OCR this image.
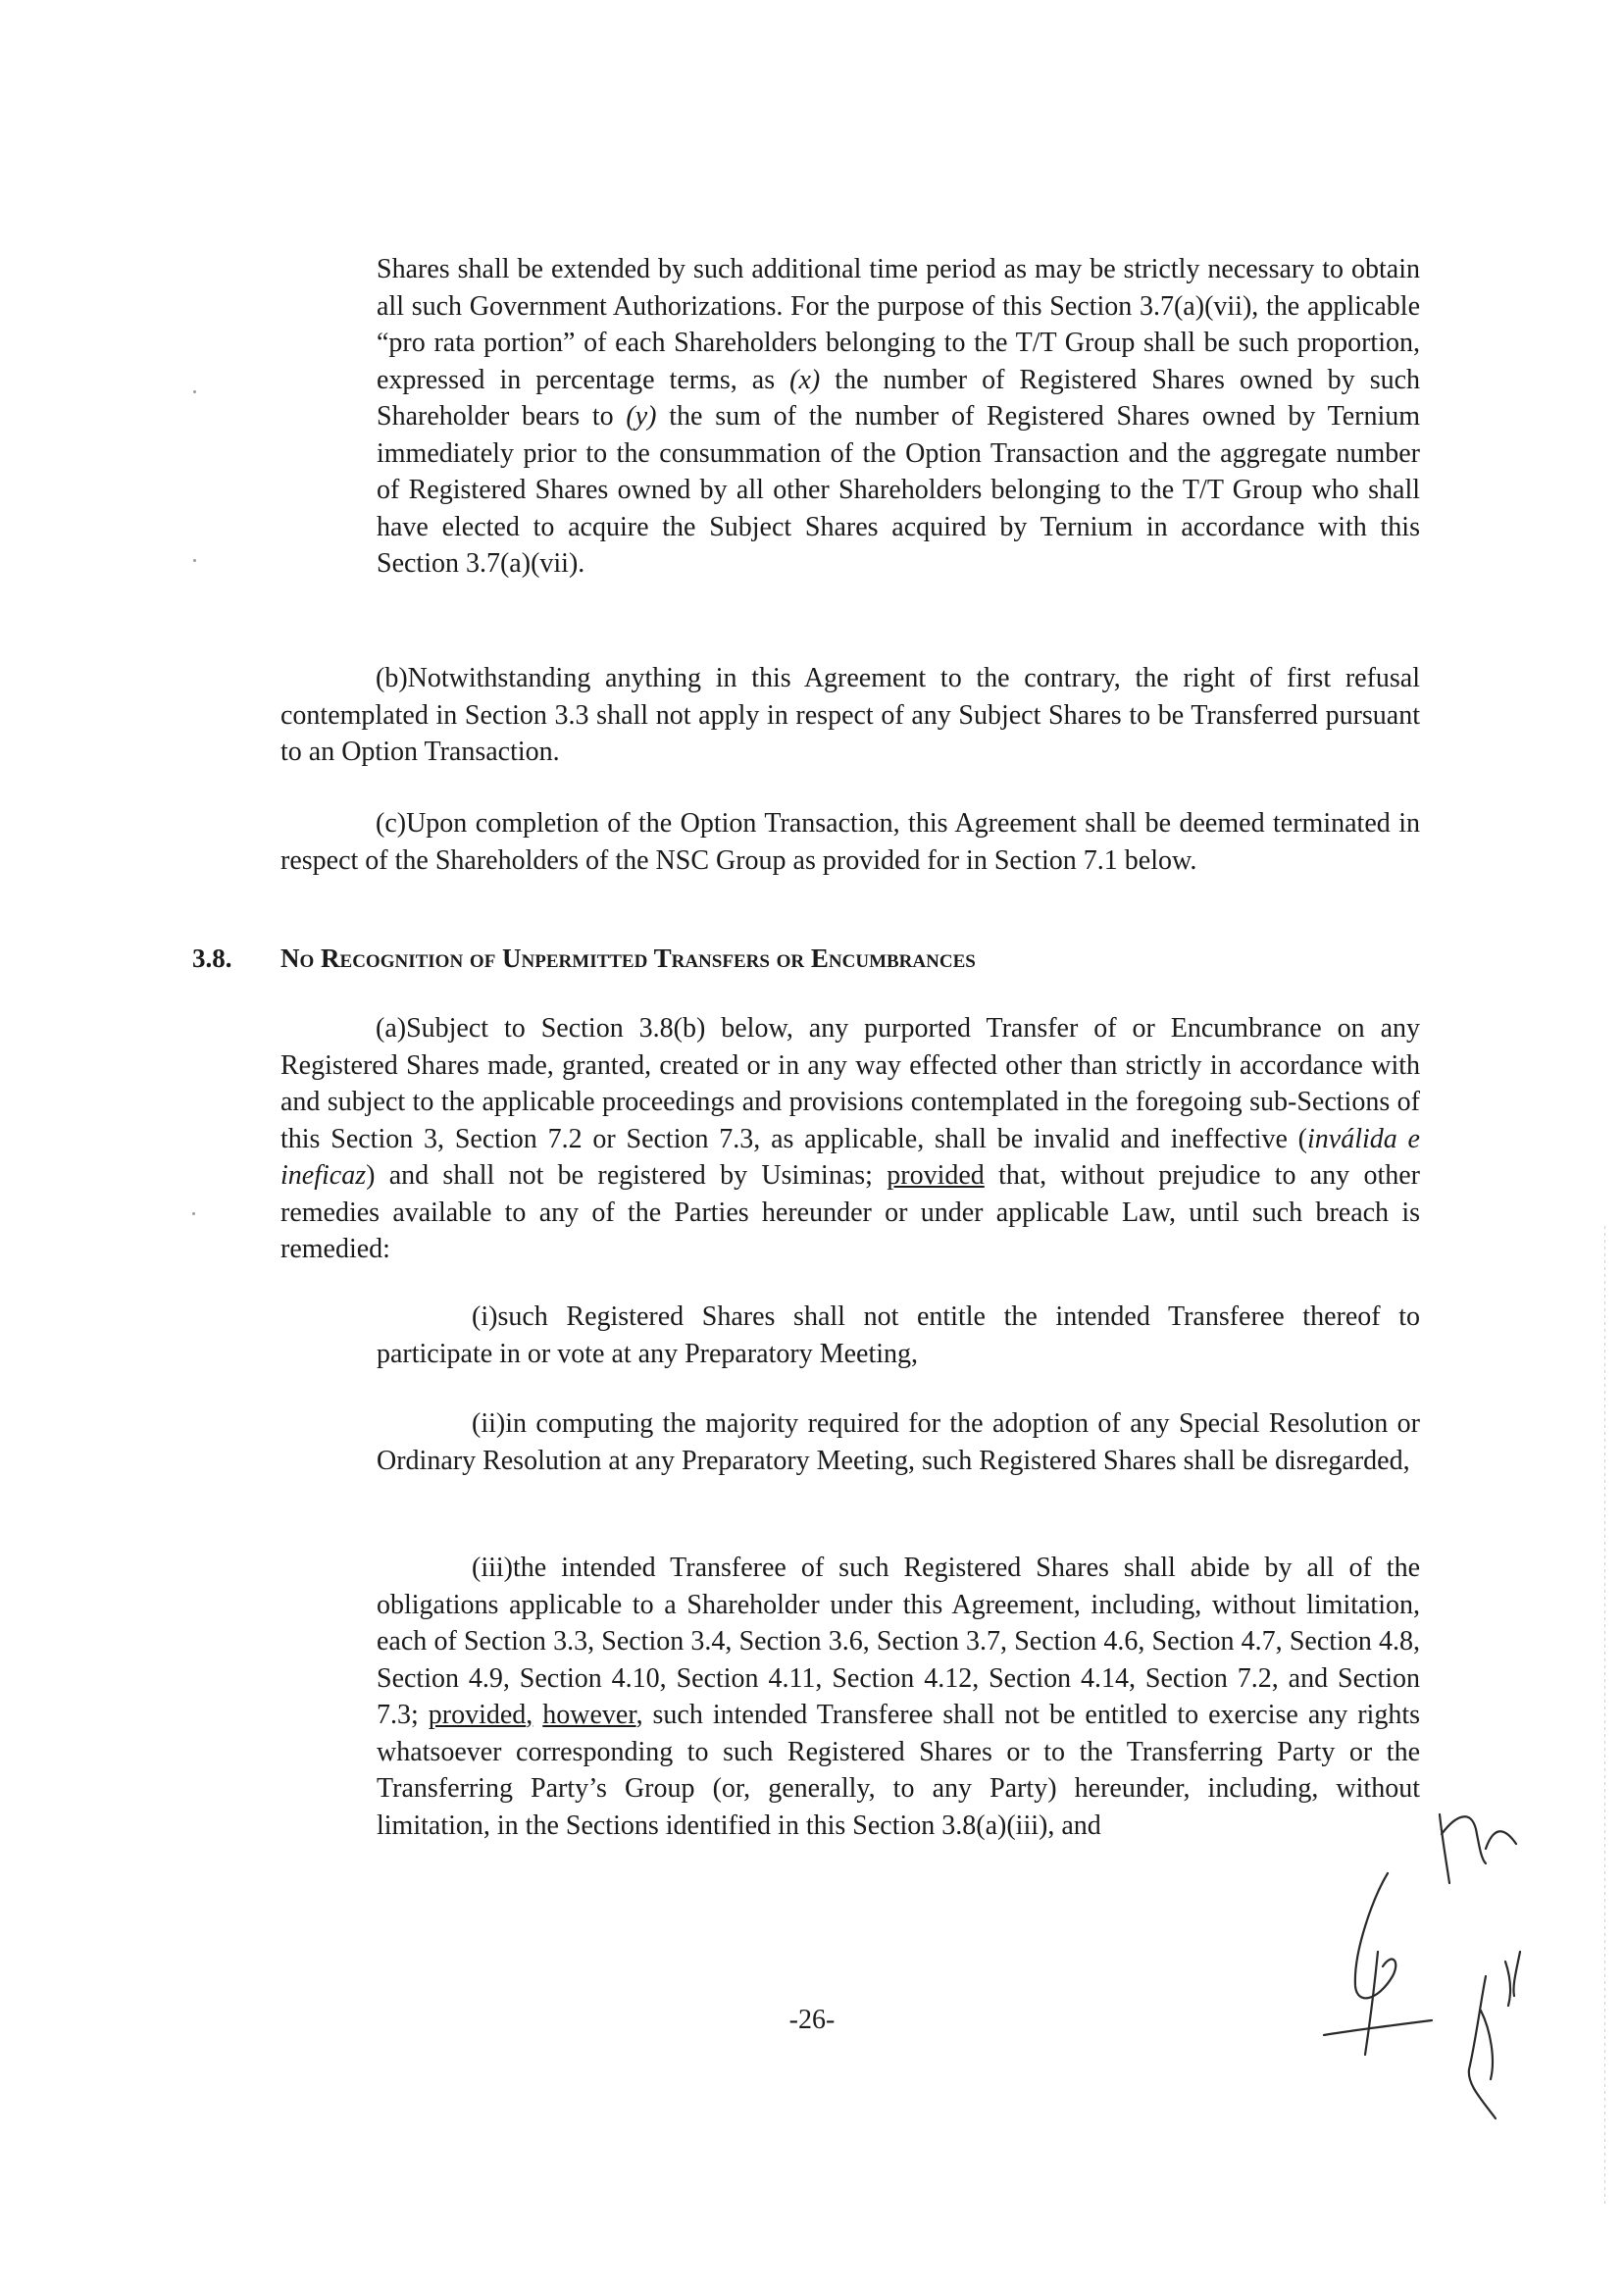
Shares shall be extended by such additional time period as may be strictly necessary to obtain all such Government Authorizations. For the purpose of this Section 3.7(a)(vii), the applicable “pro rata portion” of each Shareholders belonging to the T/T Group shall be such proportion, expressed in percentage terms, as (x) the number of Registered Shares owned by such Shareholder bears to (y) the sum of the number of Registered Shares owned by Ternium immediately prior to the consummation of the Option Transaction and the aggregate number of Registered Shares owned by all other Shareholders belonging to the T/T Group who shall have elected to acquire the Subject Shares acquired by Ternium in accordance with this Section 3.7(a)(vii).

(b)Notwithstanding anything in this Agreement to the contrary, the right of first refusal contemplated in Section 3.3 shall not apply in respect of any Subject Shares to be Transferred pursuant to an Option Transaction.

(c)Upon completion of the Option Transaction, this Agreement shall be deemed terminated in respect of the Shareholders of the NSC Group as provided for in Section 7.1 below.

3.8. No Recognition of Unpermitted Transfers or Encumbrances

(a)Subject to Section 3.8(b) below, any purported Transfer of or Encumbrance on any Registered Shares made, granted, created or in any way effected other than strictly in accordance with and subject to the applicable proceedings and provisions contemplated in the foregoing sub-Sections of this Section 3, Section 7.2 or Section 7.3, as applicable, shall be invalid and ineffective (inválida e ineficaz) and shall not be registered by Usiminas; provided that, without prejudice to any other remedies available to any of the Parties hereunder or under applicable Law, until such breach is remedied:

(i)such Registered Shares shall not entitle the intended Transferee thereof to participate in or vote at any Preparatory Meeting,

(ii)in computing the majority required for the adoption of any Special Resolution or Ordinary Resolution at any Preparatory Meeting, such Registered Shares shall be disregarded,

(iii)the intended Transferee of such Registered Shares shall abide by all of the obligations applicable to a Shareholder under this Agreement, including, without limitation, each of Section 3.3, Section 3.4, Section 3.6, Section 3.7, Section 4.6, Section 4.7, Section 4.8, Section 4.9, Section 4.10, Section 4.11, Section 4.12, Section 4.14, Section 7.2, and Section 7.3; provided, however, such intended Transferee shall not be entitled to exercise any rights whatsoever corresponding to such Registered Shares or to the Transferring Party or the Transferring Party’s Group (or, generally, to any Party) hereunder, including, without limitation, in the Sections identified in this Section 3.8(a)(iii), and

-26-
